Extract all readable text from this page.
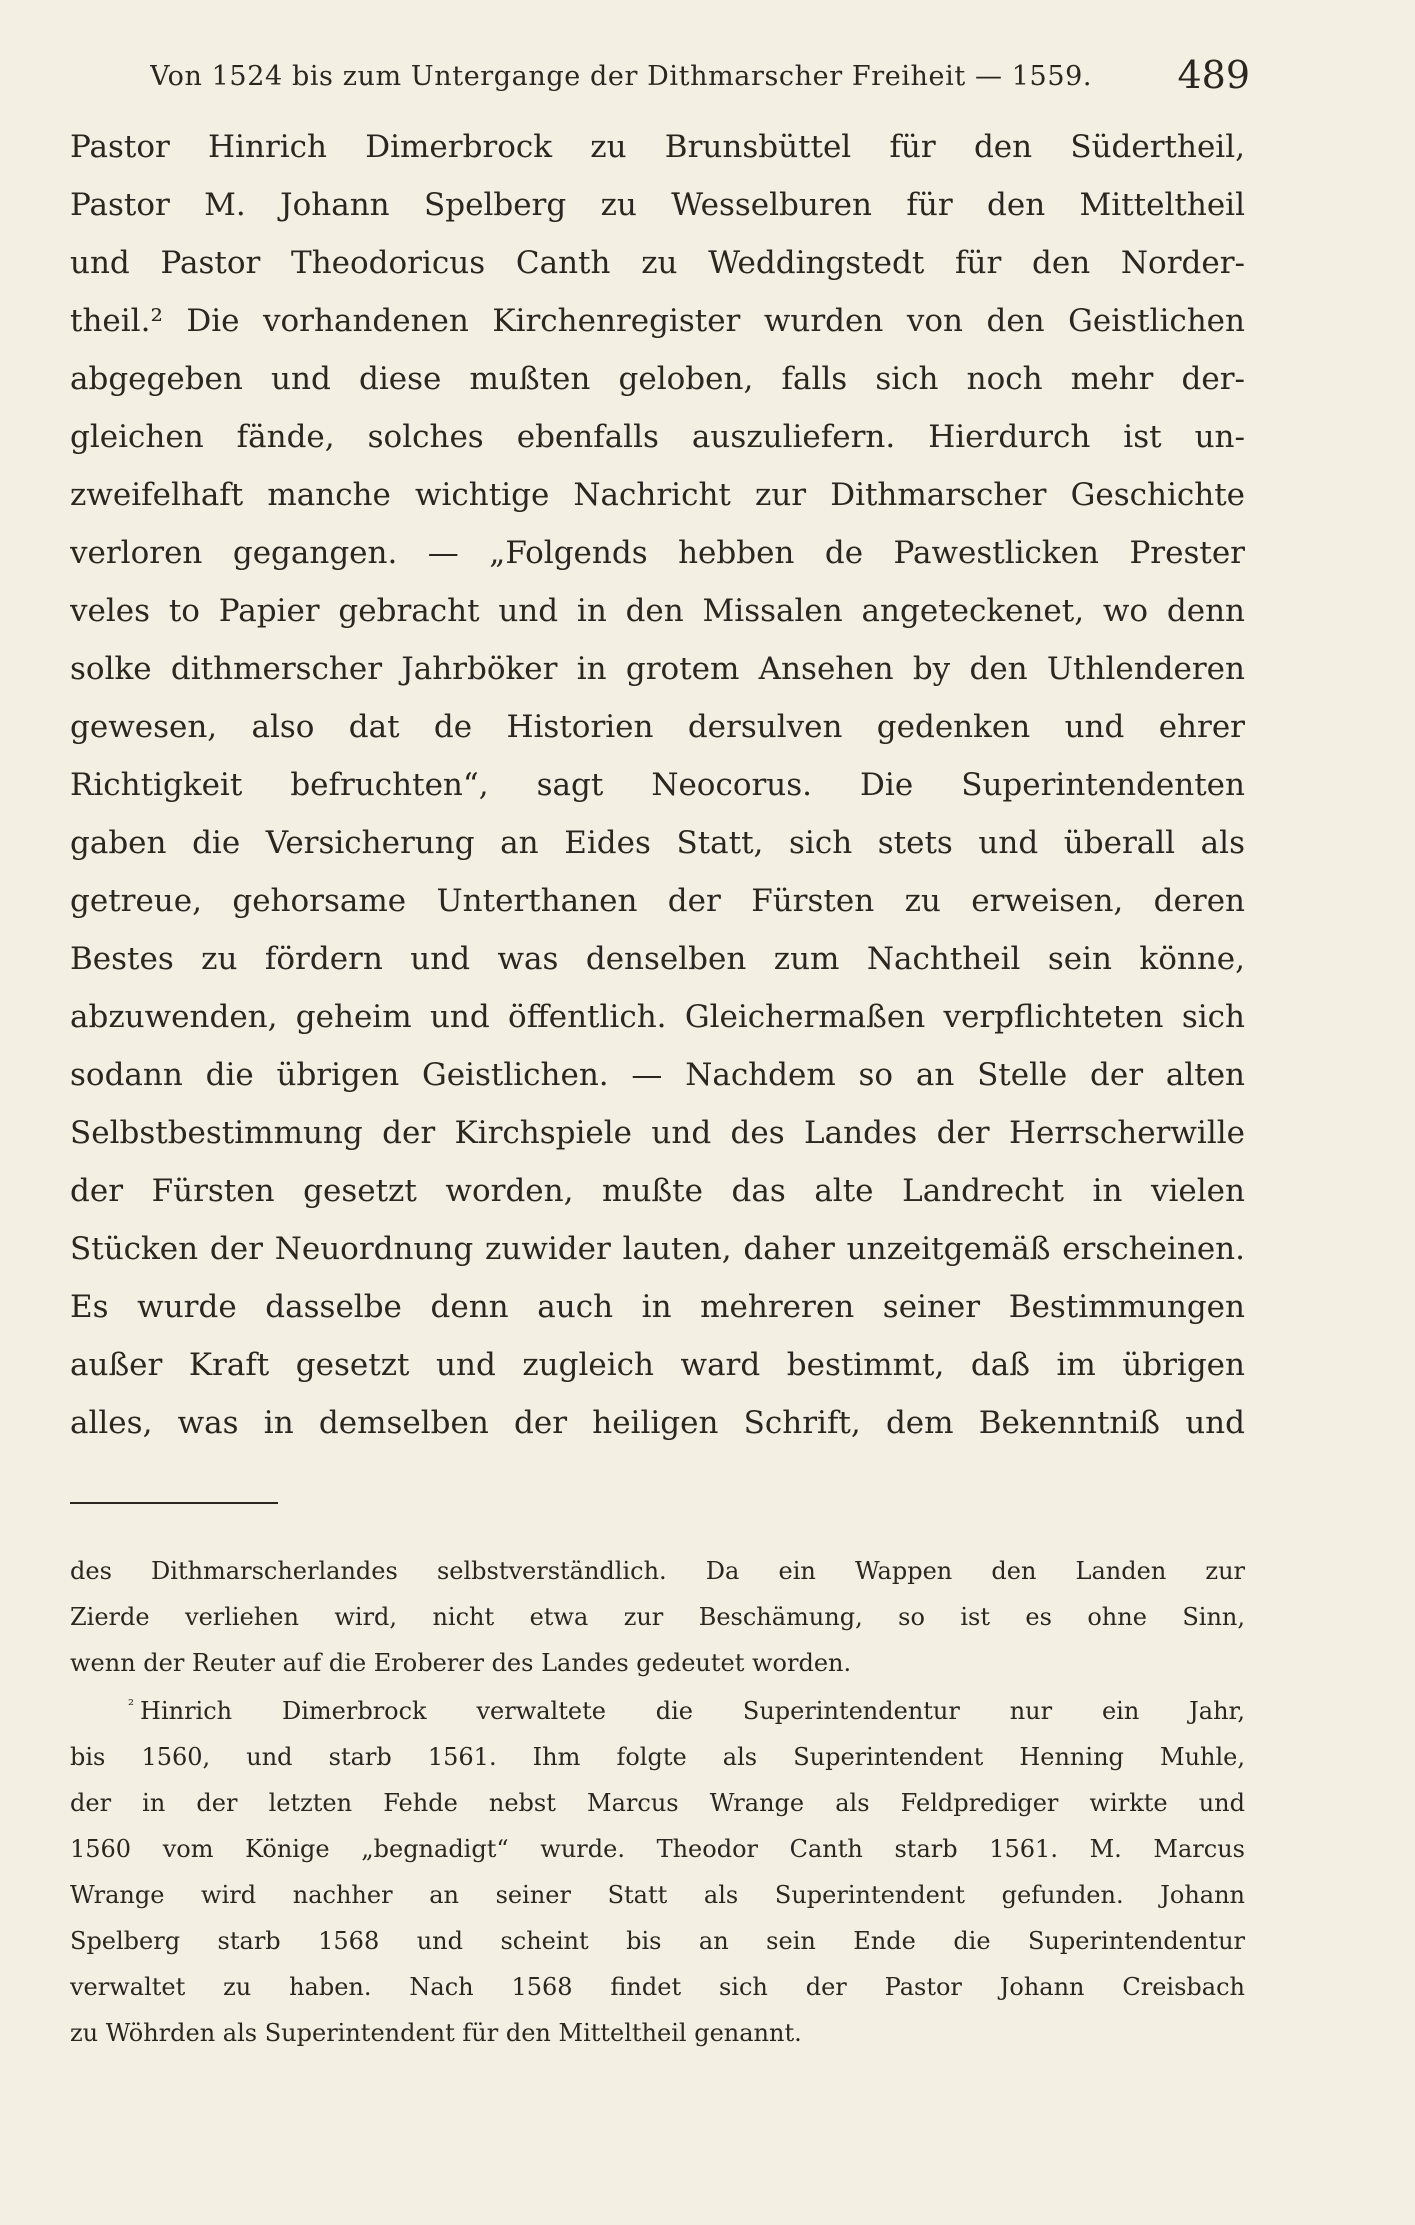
Von 1524 bis zum Untergange der Dithmarscher Freiheit — 1559.	489
Pastor Hinrich Dimerbrock zu Brunsbüttel für den Südertheil,
Pastor M. Johann Spelberg zu Wesselburen für den Mitteltheil
und Pastor Theodoricus Canth zu Weddingstedt für den Norder-
theil.² Die vorhandenen Kirchenregister wurden von den Geistlichen
abgegeben und diese mußten geloben, falls sich noch mehr der-
gleichen fände, solches ebenfalls auszuliefern. Hierdurch ist un-
zweifelhaft manche wichtige Nachricht zur Dithmarscher Geschichte
verloren gegangen. — „Folgends hebben de Pawestlicken Prester
veles to Papier gebracht und in den Missalen angeteckenet, wo denn
solke dithmerscher Jahrböker in grotem Ansehen by den Uthlenderen
gewesen, also dat de Historien dersulven gedenken und ehrer
Richtigkeit befruchten“, sagt Neocorus. Die Superintendenten
gaben die Versicherung an Eides Statt, sich stets und überall als
getreue, gehorsame Unterthanen der Fürsten zu erweisen, deren
Bestes zu fördern und was denselben zum Nachtheil sein könne,
abzuwenden, geheim und öffentlich. Gleichermaßen verpflichteten sich
sodann die übrigen Geistlichen. — Nachdem so an Stelle der alten
Selbstbestimmung der Kirchspiele und des Landes der Herrscherwille
der Fürsten gesetzt worden, mußte das alte Landrecht in vielen
Stücken der Neuordnung zuwider lauten, daher unzeitgemäß erscheinen.
Es wurde dasselbe denn auch in mehreren seiner Bestimmungen
außer Kraft gesetzt und zugleich ward bestimmt, daß im übrigen
alles, was in demselben der heiligen Schrift, dem Bekenntniß und
des Dithmarscherlandes selbstverständlich. Da ein Wappen den Landen zur
Zierde verliehen wird, nicht etwa zur Beschämung, so ist es ohne Sinn,
wenn der Reuter auf die Eroberer des Landes gedeutet worden.
$^{^2}$ Hinrich Dimerbrock verwaltete die Superintendentur nur ein Jahr,
bis 1560, und starb 1561. Ihm folgte als Superintendent Henning Muhle,
der in der letzten Fehde nebst Marcus Wrange als Feldprediger wirkte und
1560 vom Könige „begnadigt“ wurde. Theodor Canth starb 1561. M. Marcus
Wrange wird nachher an seiner Statt als Superintendent gefunden. Johann
Spelberg starb 1568 und scheint bis an sein Ende die Superintendentur
verwaltet zu haben. Nach 1568 findet sich der Pastor Johann Creisbach
zu Wöhrden als Superintendent für den Mitteltheil genannt.
